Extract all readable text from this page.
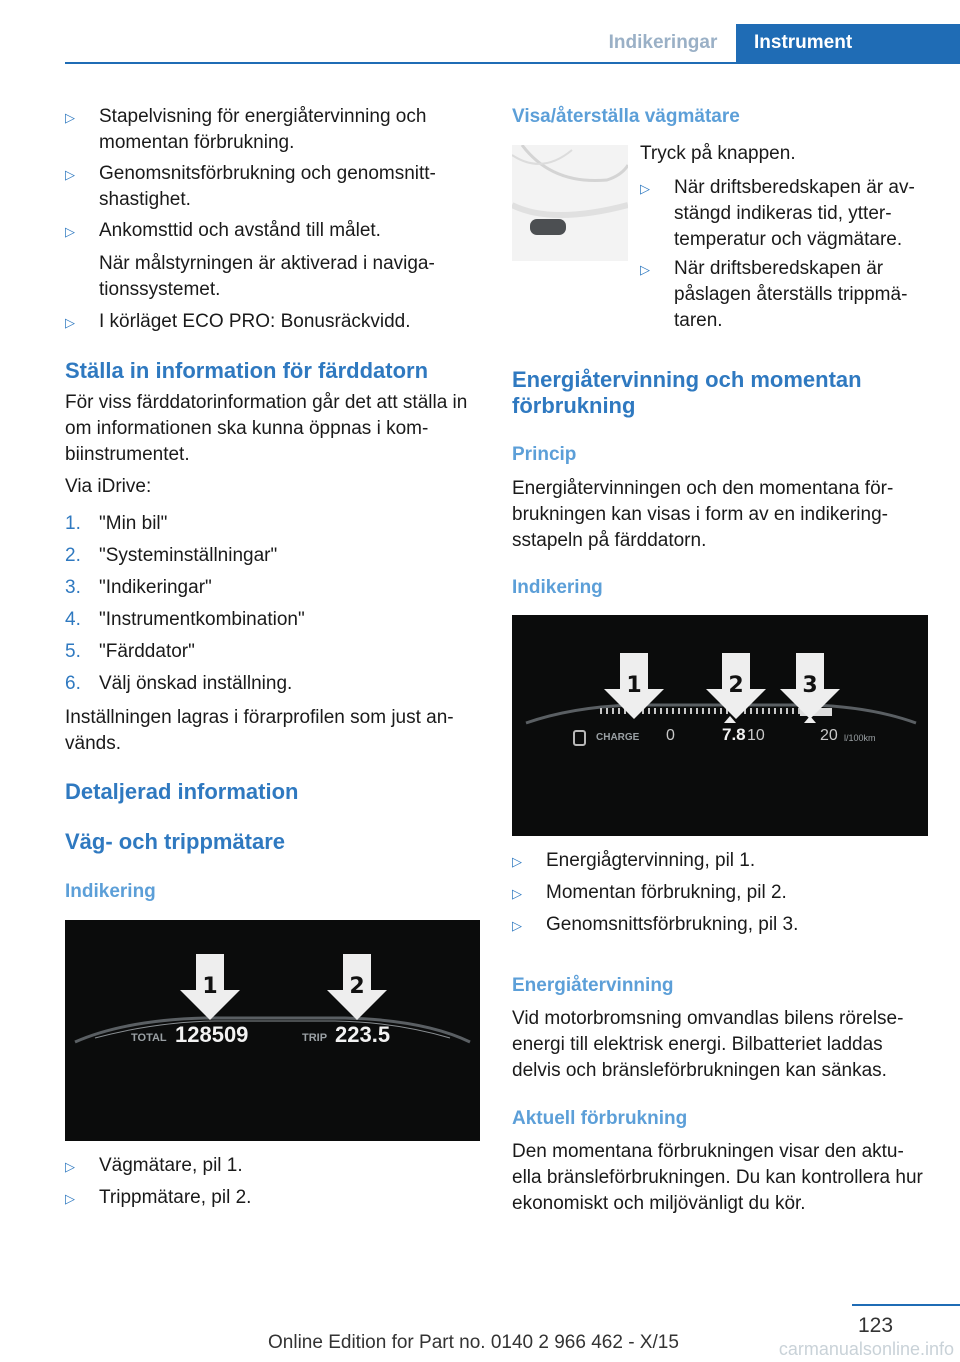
Indikeringar	Instrument
▷	Stapelvisning för energiåtervinning och momentan förbrukning.
▷	Genomsnitsförbrukning och genomsnitt-shastighet.
▷	Ankomsttid och avstånd till målet.
När målstyrningen är aktiverad i naviga-tionssystemet.
▷	I körläget ECO PRO: Bonusräckvidd.
Ställa in information för färddatorn
För viss färddatorinformation går det att ställa in om informationen ska kunna öppnas i kom-biinstrumentet.
Via iDrive:
1. "Min bil"
2. "Systeminställningar"
3. "Indikeringar"
4. "Instrumentkombination"
5. "Färddator"
6. Välj önskad inställning.
Inställningen lagras i förarprofilen som just an-vänds.
Detaljerad information
Väg- och trippmätare
Indikering
1	2
TOTAL 128509	TRIP 223.5
▷	Vägmätare, pil 1.
▷	Trippmätare, pil 2.
Visa/återställa vägmätare
Tryck på knappen.
▷	När driftsberedskapen är av-stängd indikeras tid, ytter-temperatur och vägmätare.
▷	När driftsberedskapen är påslagen återställs trippmä-taren.
Energiåtervinning och momentan förbrukning
Princip
Energiåtervinningen och den momentana för-brukningen kan visas i form av en indikering-sstapeln på färddatorn.
Indikering
1	2	3
CHARGE 0	7.8 10	20 l/100km
▷	Energiågtervinning, pil 1.
▷	Momentan förbrukning, pil 2.
▷	Genomsnittsförbrukning, pil 3.
Energiåtervinning
Vid motorbromsning omvandlas bilens rörelse-energi till elektrisk energi. Bilbatteriet laddas delvis och bränsleförbrukningen kan sänkas.
Aktuell förbrukning
Den momentana förbrukningen visar den aktu-ella bränsleförbrukningen. Du kan kontrollera hur ekonomiskt och miljövänligt du kör.
123
Online Edition for Part no. 0140 2 966 462 - X/15	carmanualsonline.info
